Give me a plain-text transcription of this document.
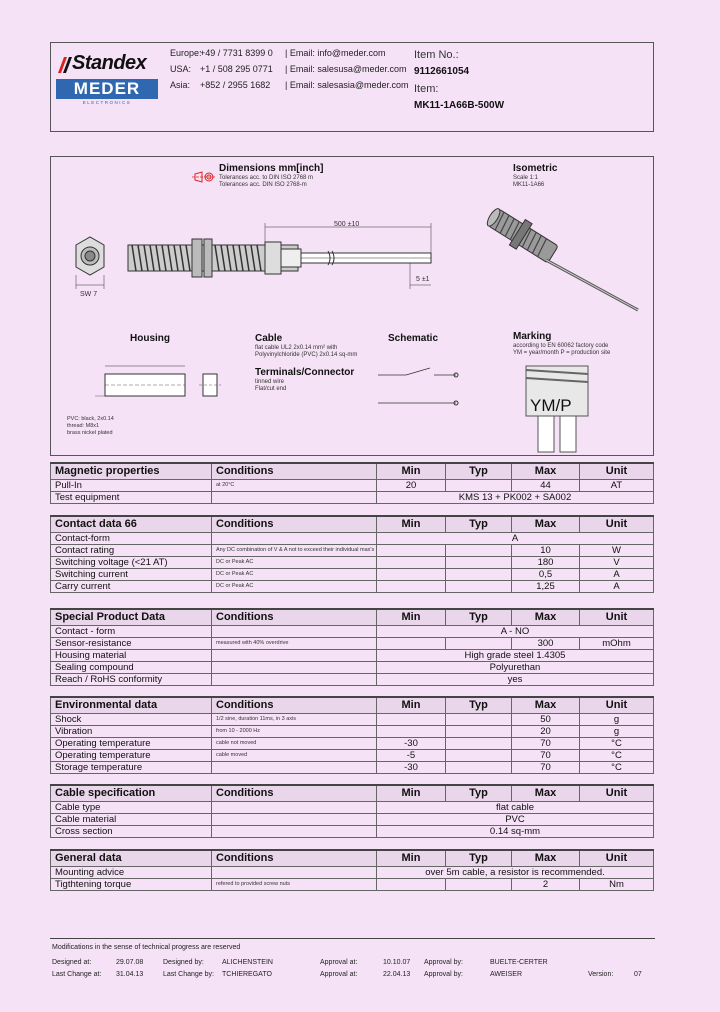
Standex
MEDER
ELECTRONICS
Europe:
+49 / 7731 8399 0 | Email: info@meder.com
USA: +1 / 508 295 0771 | Email: salesusa@meder.com
Asia: +852 / 2955 1682 | Email: salesasia@meder.com
Item No.:
9112661054
Item:
MK11-1A66B-500W
Dimensions mm[inch]
Tolerances acc. to DIN ISO 2768 m
Tolerances acc. DIN ISO 2768-m
Isometric
Scale 1:1
MK11-1A66
500 ±10
SW 7
5 ±1
Housing	Cable
flat cable UL2 2x0.14 mm² with
Polyvinylchloride (PVC) 2x0.14 sq-mm
Schematic
Terminals/Connector
tinned wire
Flat/cut end
Marking
according to EN 60062 factory code
YM = year/month P = production site
PVC: black, 2x0.14
thread: M8x1
brass nickel plated
YM/P
Magnetic properties	Conditions	Min	Typ	Max	Unit
Pull-In	at 20°C	20		44	AT
Test equipment		KMS 13 + PK002 + SA002			
Contact data 66	Conditions	Min	Typ	Max	Unit
Contact-form		A			
Contact rating	Any DC combination of V & A not to exceed their individual max's			10	W
Switching voltage (<21 AT)	DC or Peak AC			180	V
Switching current	DC or Peak AC			0,5	A
Carry current	DC or Peak AC			1,25	A
Special Product Data	Conditions	Min	Typ	Max	Unit
Contact - form		A - NO			
Sensor-resistance	measured with 40% overdrive			300	mOhm
Housing material		High grade steel 1.4305			
Sealing compound		Polyurethan			
Reach / RoHS conformity		yes			
Environmental data	Conditions	Min	Typ	Max	Unit
Shock	1/2 sine, duration 11ms, in 3 axis			50	g
Vibration	from 10 - 2000 Hz			20	g
Operating temperature	cable not moved	-30		70	°C
Operating temperature	cable moved	-5		70	°C
Storage temperature		-30		70	°C
Cable specification	Conditions	Min	Typ	Max	Unit
Cable type		flat cable			
Cable material		PVC			
Cross section		0.14 sq-mm			
General data	Conditions	Min	Typ	Max	Unit
Mounting advice		over 5m cable, a resistor is recommended.			
Tigthtening torque	refered to provided screw nuts			2	Nm
Modifications in the sense of technical progress are reserved
Designed at:	29.07.08	Designed by:	ALICHENSTEIN	Approval at:	10.10.07 Approval by:	BUELTE-CERTER
Last Change at: 31.04.13	Last Change by: TCHIEREGATO	Approval at:	22.04.13 Approval by:	AWEISER	Version:	07
